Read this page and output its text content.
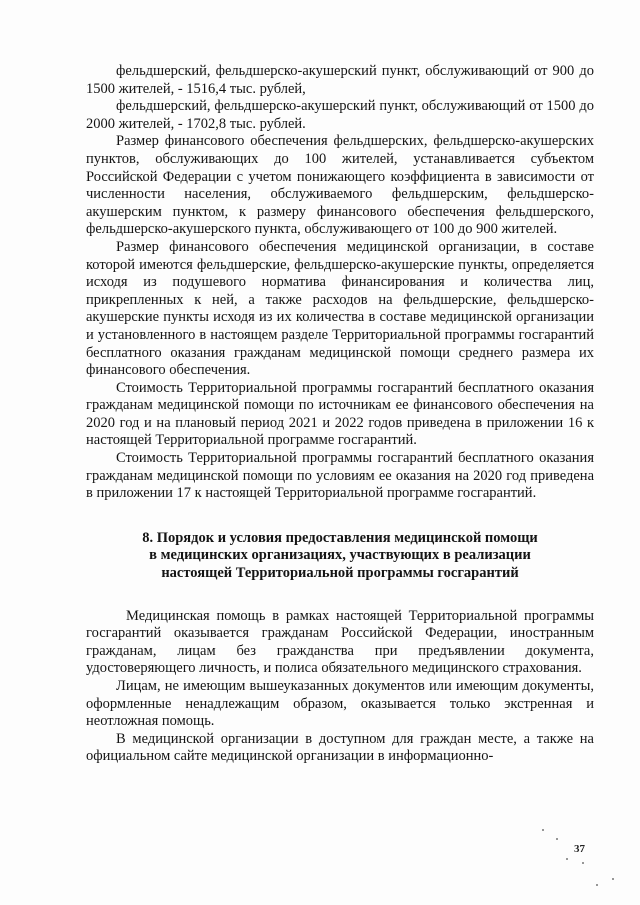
фельдшерский, фельдшерско-акушерский пункт, обслуживающий от 900 до 1500 жителей, - 1516,4 тыс. рублей,

фельдшерский, фельдшерско-акушерский пункт, обслуживающий от 1500 до 2000 жителей, - 1702,8 тыс. рублей.

Размер финансового обеспечения фельдшерских, фельдшерско-акушерских пунктов, обслуживающих до 100 жителей, устанавливается субъектом Российской Федерации с учетом понижающего коэффициента в зависимости от численности населения, обслуживаемого фельдшерским, фельдшерско-акушерским пунктом, к размеру финансового обеспечения фельдшерского, фельдшерско-акушерского пункта, обслуживающего от 100 до 900 жителей.

Размер финансового обеспечения медицинской организации, в составе которой имеются фельдшерские, фельдшерско-акушерские пункты, определяется исходя из подушевого норматива финансирования и количества лиц, прикрепленных к ней, а также расходов на фельдшерские, фельдшерско-акушерские пункты исходя из их количества в составе медицинской организации и установленного в настоящем разделе Территориальной программы госгарантий бесплатного оказания гражданам медицинской помощи среднего размера их финансового обеспечения.

Стоимость Территориальной программы госгарантий бесплатного оказания гражданам медицинской помощи по источникам ее финансового обеспечения на 2020 год и на плановый период 2021 и 2022 годов приведена в приложении 16 к настоящей Территориальной программе госгарантий.

Стоимость Территориальной программы госгарантий бесплатного оказания гражданам медицинской помощи по условиям ее оказания на 2020 год приведена в приложении 17 к настоящей Территориальной программе госгарантий.

8. Порядок и условия предоставления медицинской помощи
в медицинских организациях, участвующих в реализации
настоящей Территориальной программы госгарантий

Медицинская помощь в рамках настоящей Территориальной программы госгарантий оказывается гражданам Российской Федерации, иностранным гражданам, лицам без гражданства при предъявлении документа, удостоверяющего личность, и полиса обязательного медицинского страхования.

Лицам, не имеющим вышеуказанных документов или имеющим документы, оформленные ненадлежащим образом, оказывается только экстренная и неотложная помощь.

В медицинской организации в доступном для граждан месте, а также на официальном сайте медицинской организации в информационно-

37
